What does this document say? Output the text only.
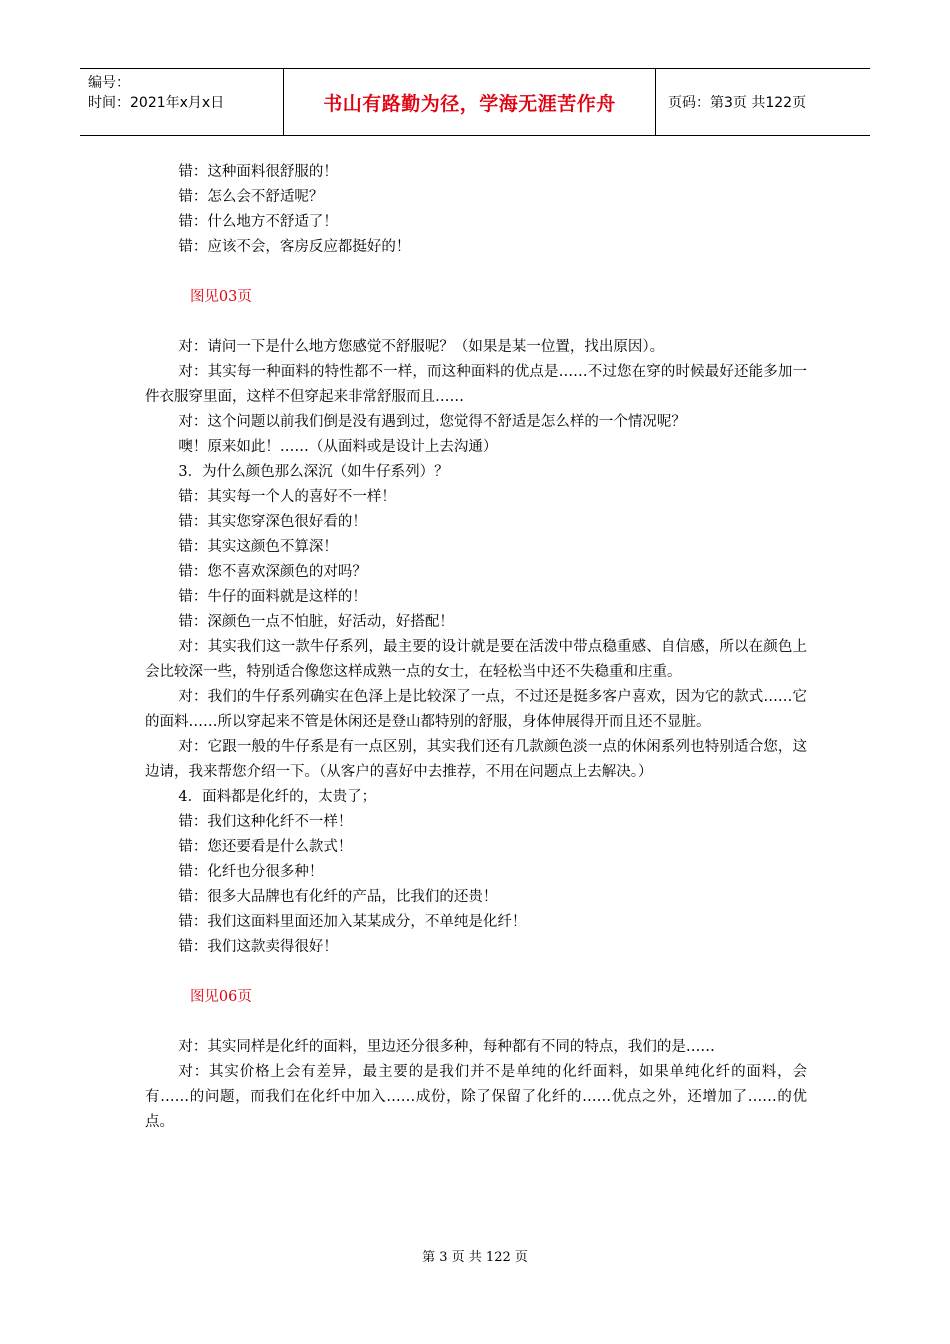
编号：
时间：2021年x月x日	书山有路勤为径，学海无涯苦作舟	页码：第3页 共122页

错：这种面料很舒服的！

错：怎么会不舒适呢？

错：什么地方不舒适了！

错：应该不会，客房反应都挺好的！

图见03页

对：请问一下是什么地方您感觉不舒服呢？（如果是某一位置，找出原因）。

对：其实每一种面料的特性都不一样，而这种面料的优点是……不过您在穿的时候最好还能多加一件衣服穿里面，这样不但穿起来非常舒服而且……

对：这个问题以前我们倒是没有遇到过，您觉得不舒适是怎么样的一个情况呢？

噢！原来如此！……（从面料或是设计上去沟通）

3．为什么颜色那么深沉（如牛仔系列）？

错：其实每一个人的喜好不一样！

错：其实您穿深色很好看的！

错：其实这颜色不算深！

错：您不喜欢深颜色的对吗？

错：牛仔的面料就是这样的！

错：深颜色一点不怕脏，好活动，好搭配！

对：其实我们这一款牛仔系列，最主要的设计就是要在活泼中带点稳重感、自信感，所以在颜色上会比较深一些，特别适合像您这样成熟一点的女士，在轻松当中还不失稳重和庄重。

对：我们的牛仔系列确实在色泽上是比较深了一点，不过还是挺多客户喜欢，因为它的款式……它的面料……所以穿起来不管是休闲还是登山都特别的舒服，身体伸展得开而且还不显脏。

对：它跟一般的牛仔系是有一点区别，其实我们还有几款颜色淡一点的休闲系列也特别适合您，这边请，我来帮您介绍一下。（从客户的喜好中去推荐，不用在问题点上去解决。）

4．面料都是化纤的，太贵了；

错：我们这种化纤不一样！

错：您还要看是什么款式！

错：化纤也分很多种！

错：很多大品牌也有化纤的产品，比我们的还贵！

错：我们这面料里面还加入某某成分，不单纯是化纤！

错：我们这款卖得很好！

图见06页

对：其实同样是化纤的面料，里边还分很多种，每种都有不同的特点，我们的是……

对：其实价格上会有差异，最主要的是我们并不是单纯的化纤面料，如果单纯化纤的面料，会有……的问题，而我们在化纤中加入……成份，除了保留了化纤的……优点之外，还增加了……的优点。

第 3 页 共 122 页
